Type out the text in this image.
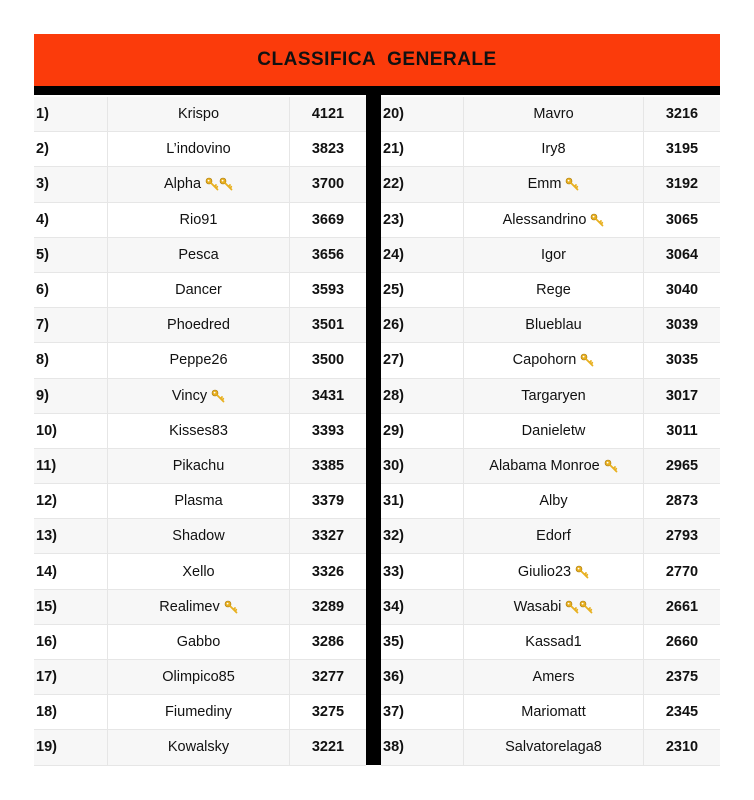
CLASSIFICA  GENERALE
1)	Krispo	4121
2)	L’indovino	3823
3)	Alpha	3700
4)	Rio91	3669
5)	Pesca	3656
6)	Dancer	3593
7)	Phoedred	3501
8)	Peppe26	3500
9)	Vincy	3431
10)	Kisses83	3393
11)	Pikachu	3385
12)	Plasma	3379
13)	Shadow	3327
14)	Xello	3326
15)	Realimev	3289
16)	Gabbo	3286
17)	Olimpico85	3277
18)	Fiumediny	3275
19)	Kowalsky	3221
20)	Mavro	3216
21)	Iry8	3195
22)	Emm	3192
23)	Alessandrino	3065
24)	Igor	3064
25)	Rege	3040
26)	Blueblau	3039
27)	Capohorn	3035
28)	Targaryen	3017
29)	Danieletw	3011
30)	Alabama Monroe	2965
31)	Alby	2873
32)	Edorf	2793
33)	Giulio23	2770
34)	Wasabi	2661
35)	Kassad1	2660
36)	Amers	2375
37)	Mariomatt	2345
38)	Salvatorelaga8	2310
